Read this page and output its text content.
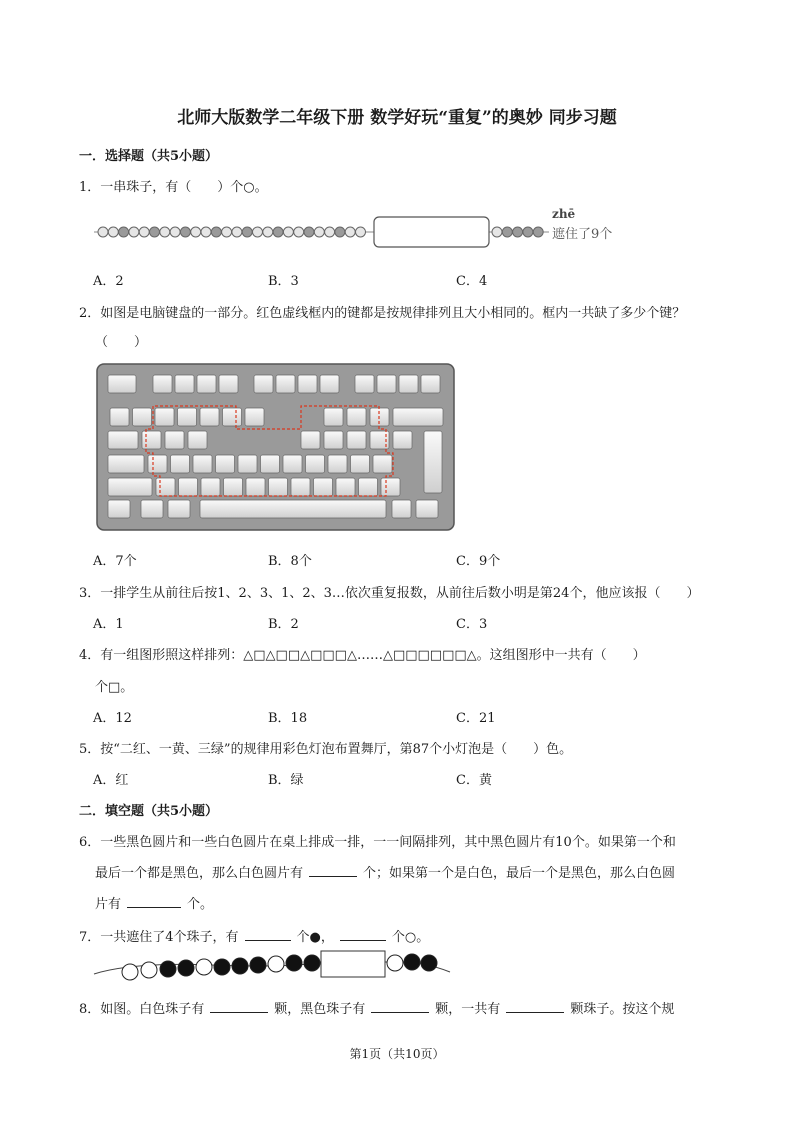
北师大版数学二年级下册 数学好玩“重复”的奥妙 同步习题
一．选择题（共5小题）
1．一串珠子，有（　　）个○。
zhē
遮住了9个
A．2	B．3	C．4
2．如图是电脑键盘的一部分。红色虚线框内的键都是按规律排列且大小相同的。框内一共缺了多少个键？
（　　）
A．7个	B．8个	C．9个
3．一排学生从前往后按1、2、3、1、2、3…依次重复报数，从前往后数小明是第24个，他应该报（　　）
A．1	B．2	C．3
4．有一组图形照这样排列：△□△□□△□□□△……△□□□□□□△。这组图形中一共有（　　）
个□。
A．12	B．18	C．21
5．按“二红、一黄、三绿”的规律用彩色灯泡布置舞厅，第87个小灯泡是（　　）色。
A．红	B．绿	C．黄
二．填空题（共5小题）
6．一些黑色圆片和一些白色圆片在桌上排成一排，一一间隔排列，其中黑色圆片有10个。如果第一个和
最后一个都是黑色，那么白色圆片有	个；如果第一个是白色，最后一个是黑色，那么白色圆
片有	个。
7．一共遮住了4个珠子，有	个●，	个○。
8．如图。白色珠子有	颗，黑色珠子有	颗，一共有	颗珠子。按这个规
第1页（共10页）
